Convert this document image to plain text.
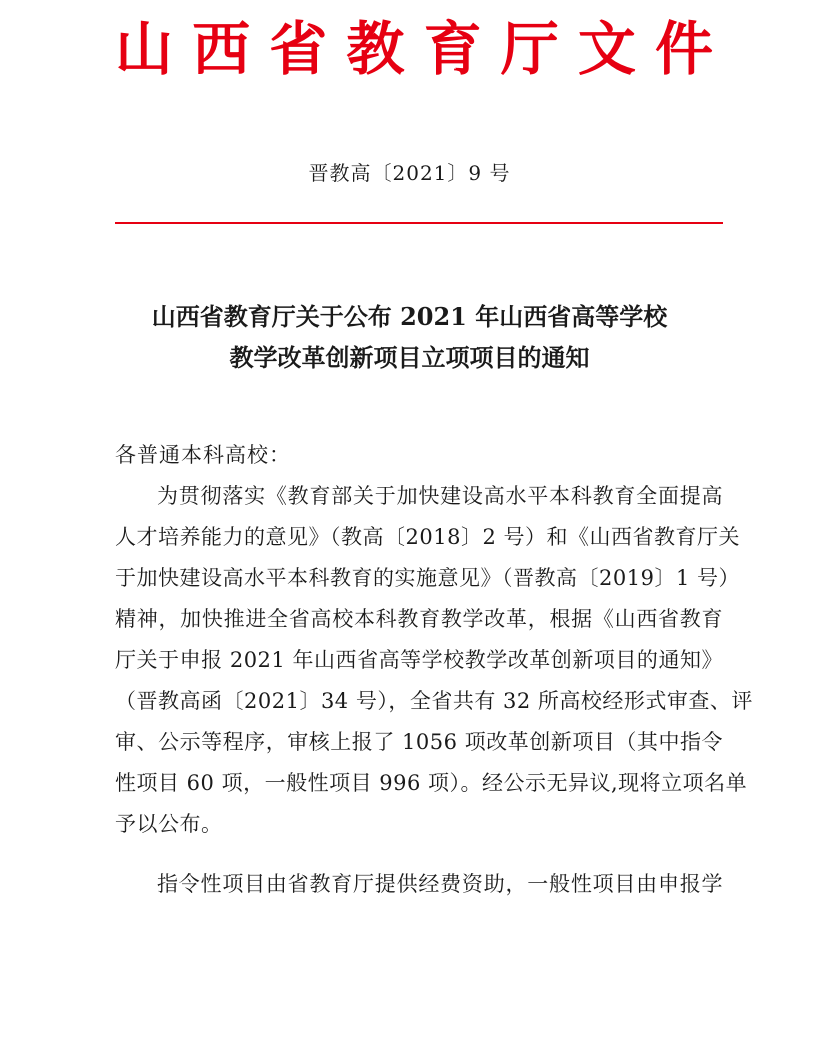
山西省教育厅文件
晋教高〔2021〕9 号
山西省教育厅关于公布 2021 年山西省高等学校
教学改革创新项目立项项目的通知
各普通本科高校：
为贯彻落实《教育部关于加快建设高水平本科教育全面提高
人才培养能力的意见》（教高〔2018〕2 号）和《山西省教育厅关
于加快建设高水平本科教育的实施意见》（晋教高〔2019〕1 号）
精神，加快推进全省高校本科教育教学改革，根据《山西省教育
厅关于申报 2021 年山西省高等学校教学改革创新项目的通知》
（晋教高函〔2021〕34 号），全省共有 32 所高校经形式审查、评
审、公示等程序，审核上报了 1056 项改革创新项目（其中指令
性项目 60 项，一般性项目 996 项）。经公示无异议,现将立项名单
予以公布。
指令性项目由省教育厅提供经费资助，一般性项目由申报学
